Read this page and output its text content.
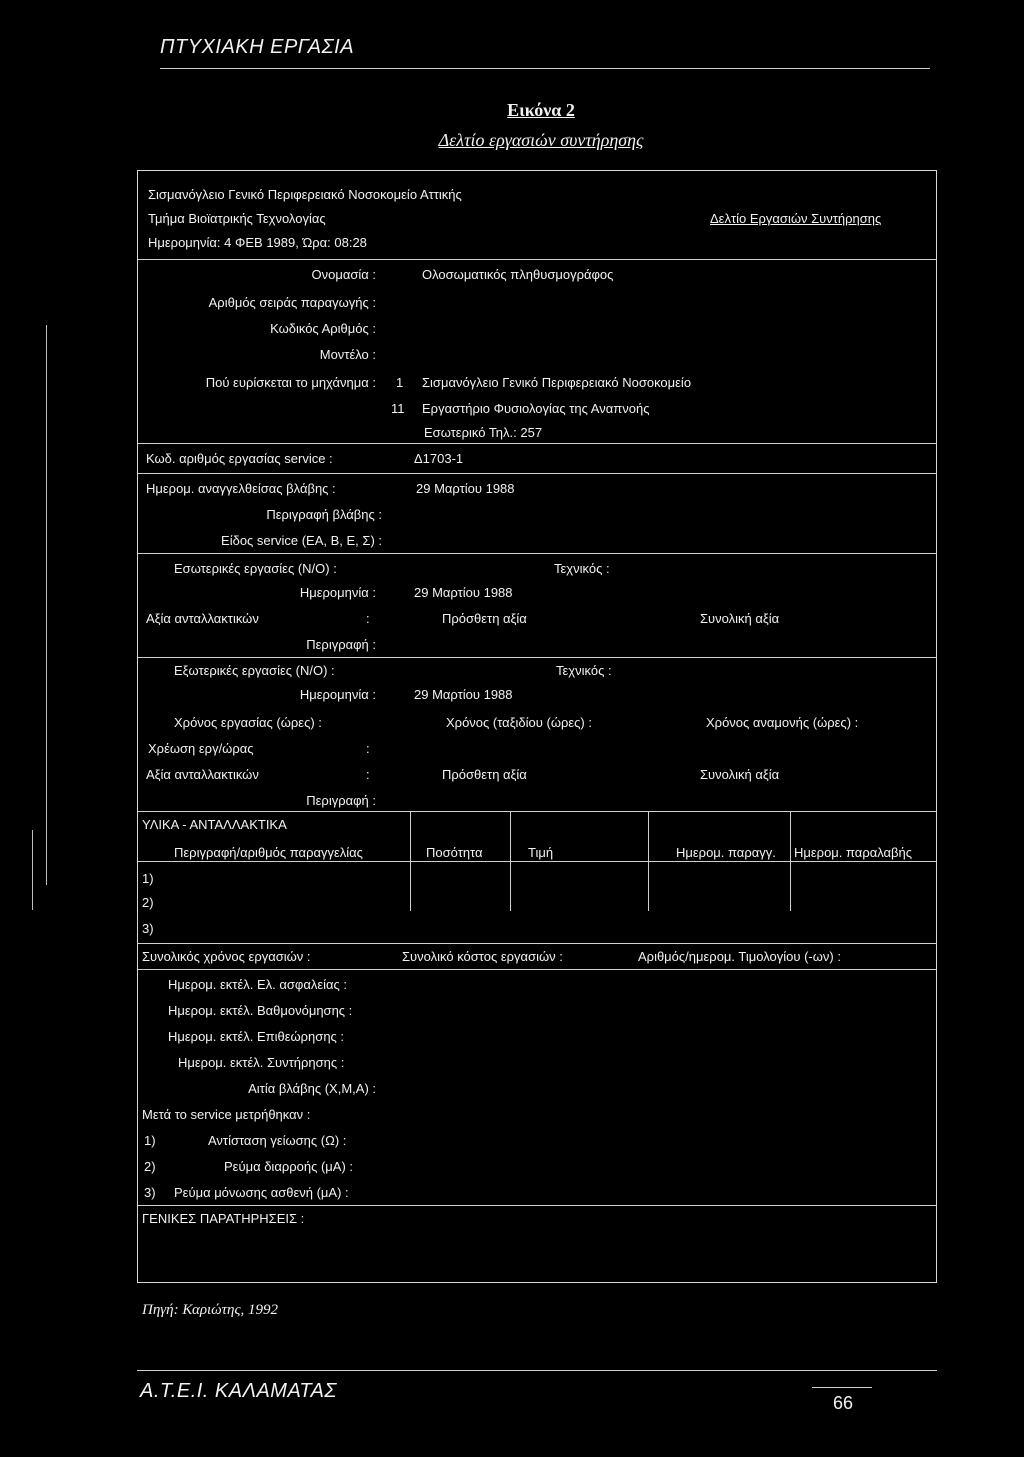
ΠΤΥΧΙΑΚΗ ΕΡΓΑΣΙΑ
Εικόνα 2
Δελτίο εργασιών συντήρησης
Σισμανόγλειο Γενικό Περιφερειακό Νοσοκομείο Αττικής
Τμήμα Βιοϊατρικής Τεχνολογίας	Δελτίο Εργασιών Συντήρησης
Ημερομηνία: 4 ΦΕΒ 1989, Ώρα: 08:28
Ονομασία :	Ολοσωματικός πληθυσμογράφος
Αριθμός σειράς παραγωγής :
Κωδικός Αριθμός :
Μοντέλο :
Πού ευρίσκεται το μηχάνημα : 1 Σισμανόγλειο Γενικό Περιφερειακό Νοσοκομείο
11 Εργαστήριο Φυσιολογίας της Αναπνοής
Εσωτερικό Τηλ.: 257
Κωδ. αριθμός εργασίας service :	Δ1703-1
Ημερομ. αναγγελθείσας βλάβης :	29 Μαρτίου 1988
Περιγραφή βλάβης :
Είδος service (ΕΑ, Β, Ε, Σ) :
Εσωτερικές εργασίες (Ν/Ο) :	Τεχνικός :
Ημερομηνία :	29 Μαρτίου 1988
Αξία ανταλλακτικών	:	Πρόσθετη αξία	Συνολική αξία
Περιγραφή :
Εξωτερικές εργασίες (Ν/Ο) :	Τεχνικός :
Ημερομηνία :	29 Μαρτίου 1988
Χρόνος εργασίας (ώρες) :	Χρόνος (ταξιδίου (ώρες) :	Χρόνος αναμονής (ώρες) :
Χρέωση εργ/ώρας	:
Αξία ανταλλακτικών	:	Πρόσθετη αξία	Συνολική αξία
Περιγραφή :
ΥΛΙΚΑ - ΑΝΤΑΛΛΑΚΤΙΚΑ
Περιγραφή/αριθμός παραγγελίας	Ποσότητα	Τιμή	Ημερομ. παραγγ. Ημερομ. παραλαβής
1)
2)
3)
Συνολικός χρόνος εργασιών :	Συνολικό κόστος εργασιών :	Αριθμός/ημερομ. Τιμολογίου (-ων) :
Ημερομ. εκτέλ. Ελ. ασφαλείας :
Ημερομ. εκτέλ. Βαθμονόμησης :
Ημερομ. εκτέλ. Επιθεώρησης :
Ημερομ. εκτέλ. Συντήρησης :
Αιτία βλάβης (Χ,Μ,Α) :
Μετά το service μετρήθηκαν :
1)	Αντίσταση γείωσης (Ω) :
2)	Ρεύμα διαρροής (μΑ) :
3) Ρεύμα μόνωσης ασθενή (μΑ) :
ΓΕΝΙΚΕΣ ΠΑΡΑΤΗΡΗΣΕΙΣ :
Πηγή: Καριώτης, 1992
Α.Τ.Ε.Ι. ΚΑΛΑΜΑΤΑΣ
66
